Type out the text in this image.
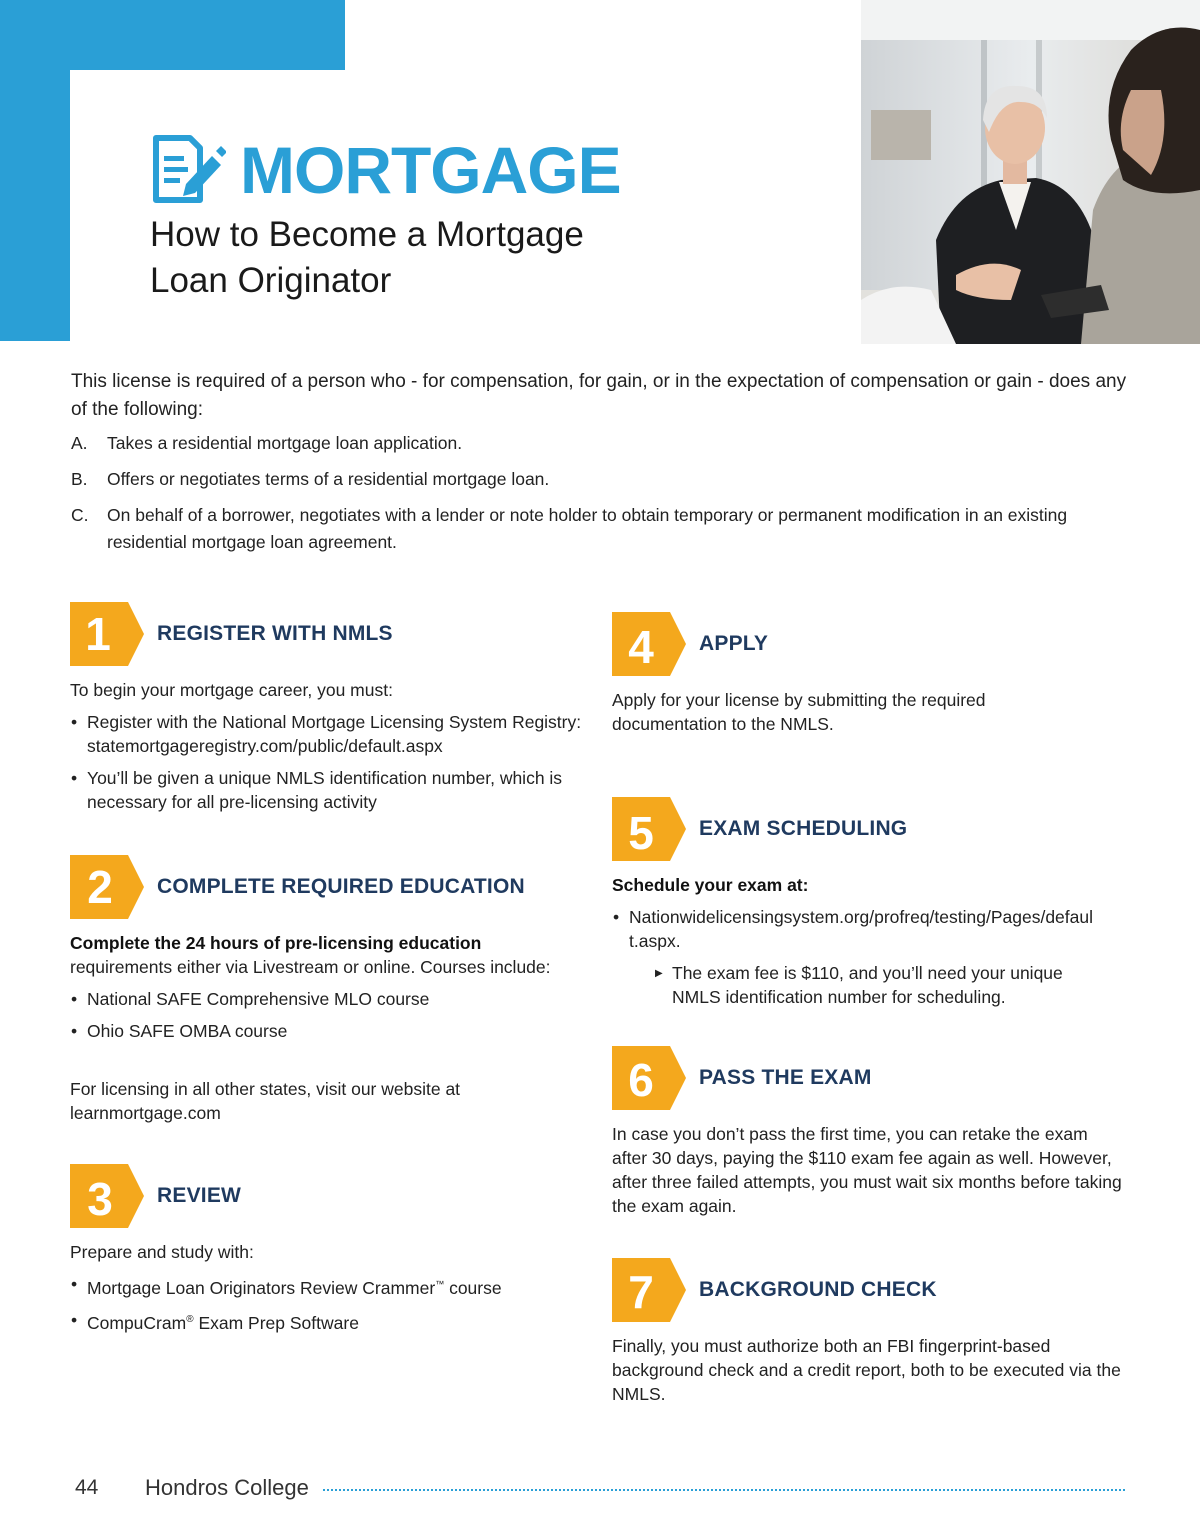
MORTGAGE
How to Become a Mortgage
Loan Originator

This license is required of a person who - for compensation, for gain, or in the expectation of compensation or gain - does any of the following:

A.	Takes a residential mortgage loan application.
B.	Offers or negotiates terms of a residential mortgage loan.
C.	On behalf of a borrower, negotiates with a lender or note holder to obtain temporary or permanent modification in an existing residential mortgage loan agreement.
1 REGISTER WITH NMLS

To begin your mortgage career, you must:

• Register with the National Mortgage Licensing System Registry: statemortgageregistry.com/public/default.aspx
• You’ll be given a unique NMLS identification number, which is necessary for all pre-licensing activity
2 COMPLETE REQUIRED EDUCATION

Complete the 24 hours of pre-licensing education
requirements either via Livestream or online. Courses include:

• National SAFE Comprehensive MLO course
• Ohio SAFE OMBA course

For licensing in all other states, visit our website at learnmortgage.com

3 REVIEW

Prepare and study with:

• Mortgage Loan Originators Review Crammer™ course
• CompuCram® Exam Prep Software
4 APPLY

Apply for your license by submitting the required documentation to the NMLS.

5 EXAM SCHEDULING

Schedule your exam at:

• Nationwidelicensingsystem.org/profreq/testing/Pages/default.aspx.
▶ The exam fee is $110, and you’ll need your unique NMLS identification number for scheduling.
6 PASS THE EXAM

In case you don’t pass the first time, you can retake the exam after 30 days, paying the $110 exam fee again as well. However, after three failed attempts, you must wait six months before taking the exam again.

7 BACKGROUND CHECK

Finally, you must authorize both an FBI fingerprint-based background check and a credit report, both to be executed via the NMLS.

44	Hondros College
